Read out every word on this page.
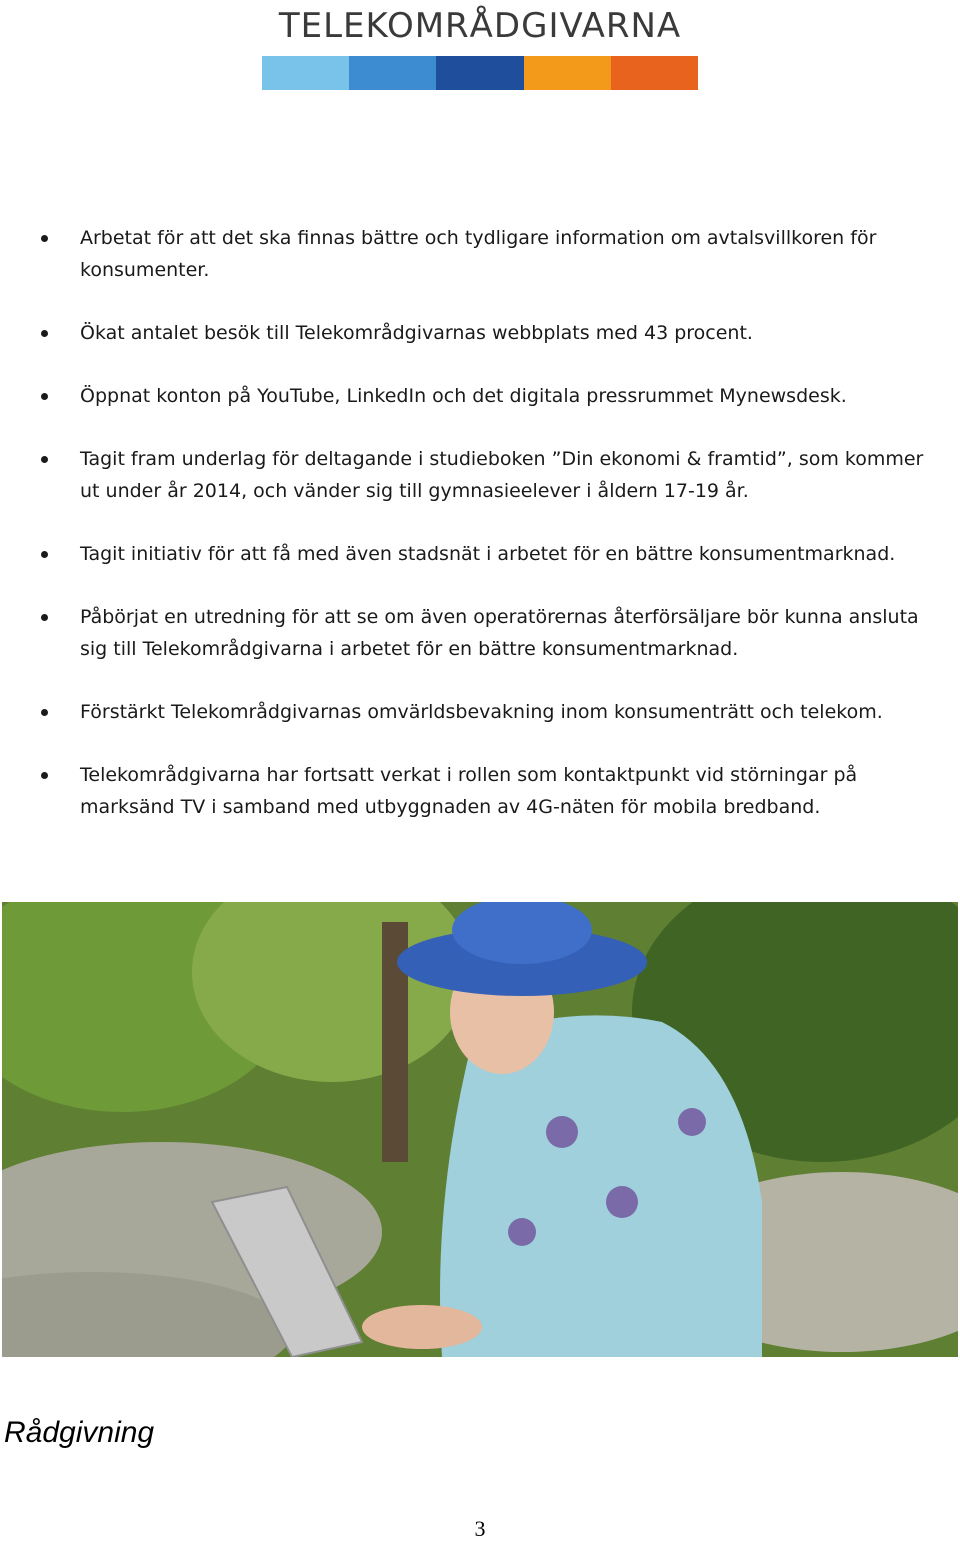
TELEKOMRÅDGIVARNA
Arbetat för att det ska finnas bättre och tydligare information om avtalsvillkoren för konsumenter.
Ökat antalet besök till Telekområdgivarnas webbplats med 43 procent.
Öppnat konton på YouTube, LinkedIn och det digitala pressrummet Mynewsdesk.
Tagit fram underlag för deltagande i studieboken ”Din ekonomi & framtid”, som kommer ut under år 2014, och vänder sig till gymnasieelever i åldern 17-19 år.
Tagit initiativ för att få med även stadsnät i arbetet för en bättre konsumentmarknad.
Påbörjat en utredning för att se om även operatörernas återförsäljare bör kunna ansluta sig till Telekområdgivarna i arbetet för en bättre konsumentmarknad.
Förstärkt Telekområdgivarnas omvärldsbevakning inom konsumenträtt och telekom.
Telekområdgivarna har fortsatt verkat i rollen som kontaktpunkt vid störningar på marksänd TV i samband med utbyggnaden av 4G-näten för mobila bredband.
Rådgivning
3
